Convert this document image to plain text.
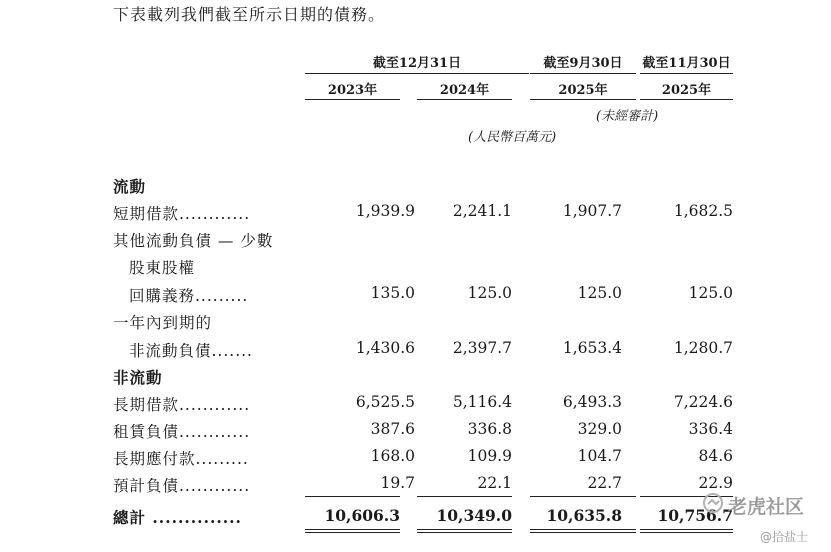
下表載列我們截至所示日期的債務。
截至12月31日	截至9月30日	截至11月30日
2023年	2024年	2025年	2025年
(未經審計)
(人民幣百萬元)
流動
短期借款............	1,939.9	2,241.1	1,907.7	1,682.5
其他流動負債 — 少數
股東股權
回購義務.........	135.0	125.0	125.0	125.0
一年內到期的
非流動負債.......	1,430.6	2,397.7	1,653.4	1,280.7
非流動
長期借款............	6,525.5	5,116.4	6,493.3	7,224.6
租賃負債............	387.6	336.8	329.0	336.4
長期應付款.........	168.0	109.9	104.7	84.6
預計負債............	19.7	22.1	22.7	22.9
總計 ..............	10,606.3	10,349.0	10,635.8	10,756.7
老虎社区
@拾盐士
